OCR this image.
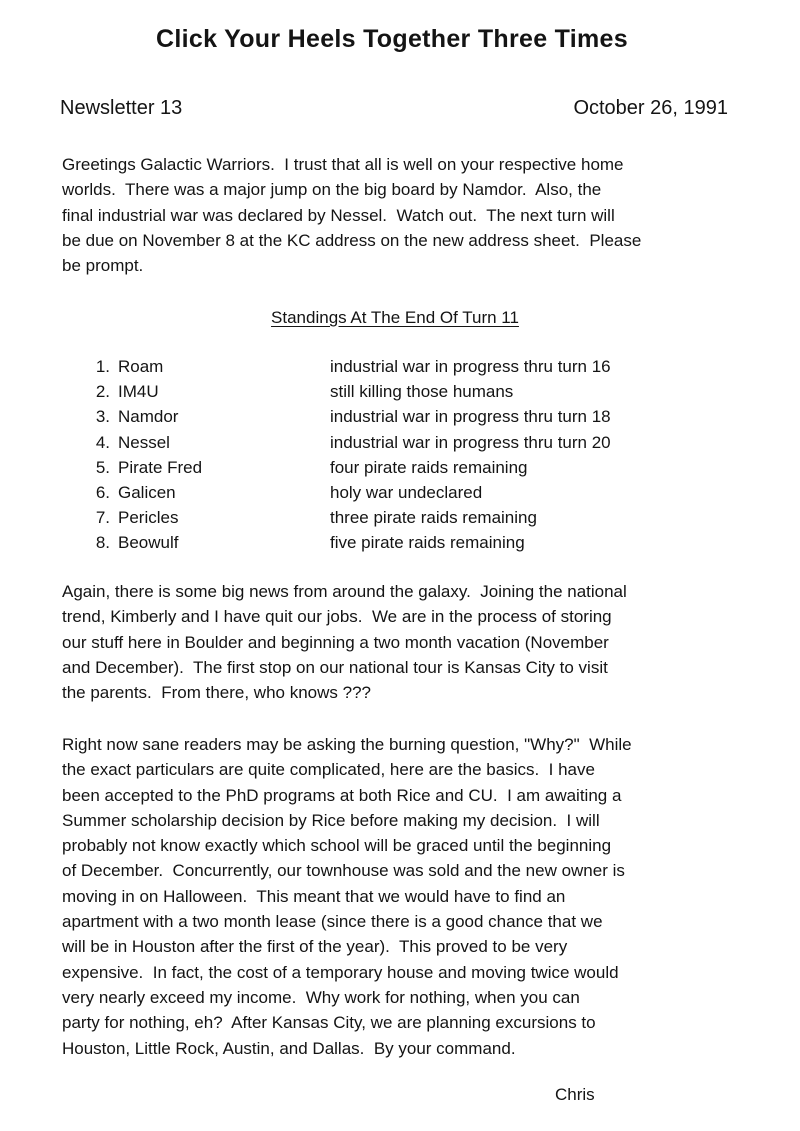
Click Your Heels Together Three Times
Newsletter 13	October 26, 1991
Greetings Galactic Warriors.  I trust that all is well on your respective home
worlds.  There was a major jump on the big board by Namdor.  Also, the
final industrial war was declared by Nessel.  Watch out.  The next turn will
be due on November 8 at the KC address on the new address sheet.  Please
be prompt.
Standings At The End Of Turn 11
1. Roam	industrial war in progress thru turn 16
2. IM4U	still killing those humans
3. Namdor	industrial war in progress thru turn 18
4. Nessel	industrial war in progress thru turn 20
5. Pirate Fred	four pirate raids remaining
6. Galicen	holy war undeclared
7. Pericles	three pirate raids remaining
8. Beowulf	five pirate raids remaining
Again, there is some big news from around the galaxy.  Joining the national
trend, Kimberly and I have quit our jobs.  We are in the process of storing
our stuff here in Boulder and beginning a two month vacation (November
and December).  The first stop on our national tour is Kansas City to visit
the parents.  From there, who knows ???
Right now sane readers may be asking the burning question, "Why?"  While
the exact particulars are quite complicated, here are the basics.  I have
been accepted to the PhD programs at both Rice and CU.  I am awaiting a
Summer scholarship decision by Rice before making my decision.  I will
probably not know exactly which school will be graced until the beginning
of December.  Concurrently, our townhouse was sold and the new owner is
moving in on Halloween.  This meant that we would have to find an
apartment with a two month lease (since there is a good chance that we
will be in Houston after the first of the year).  This proved to be very
expensive.  In fact, the cost of a temporary house and moving twice would
very nearly exceed my income.  Why work for nothing, when you can
party for nothing, eh?  After Kansas City, we are planning excursions to
Houston, Little Rock, Austin, and Dallas.  By your command.
Chris
